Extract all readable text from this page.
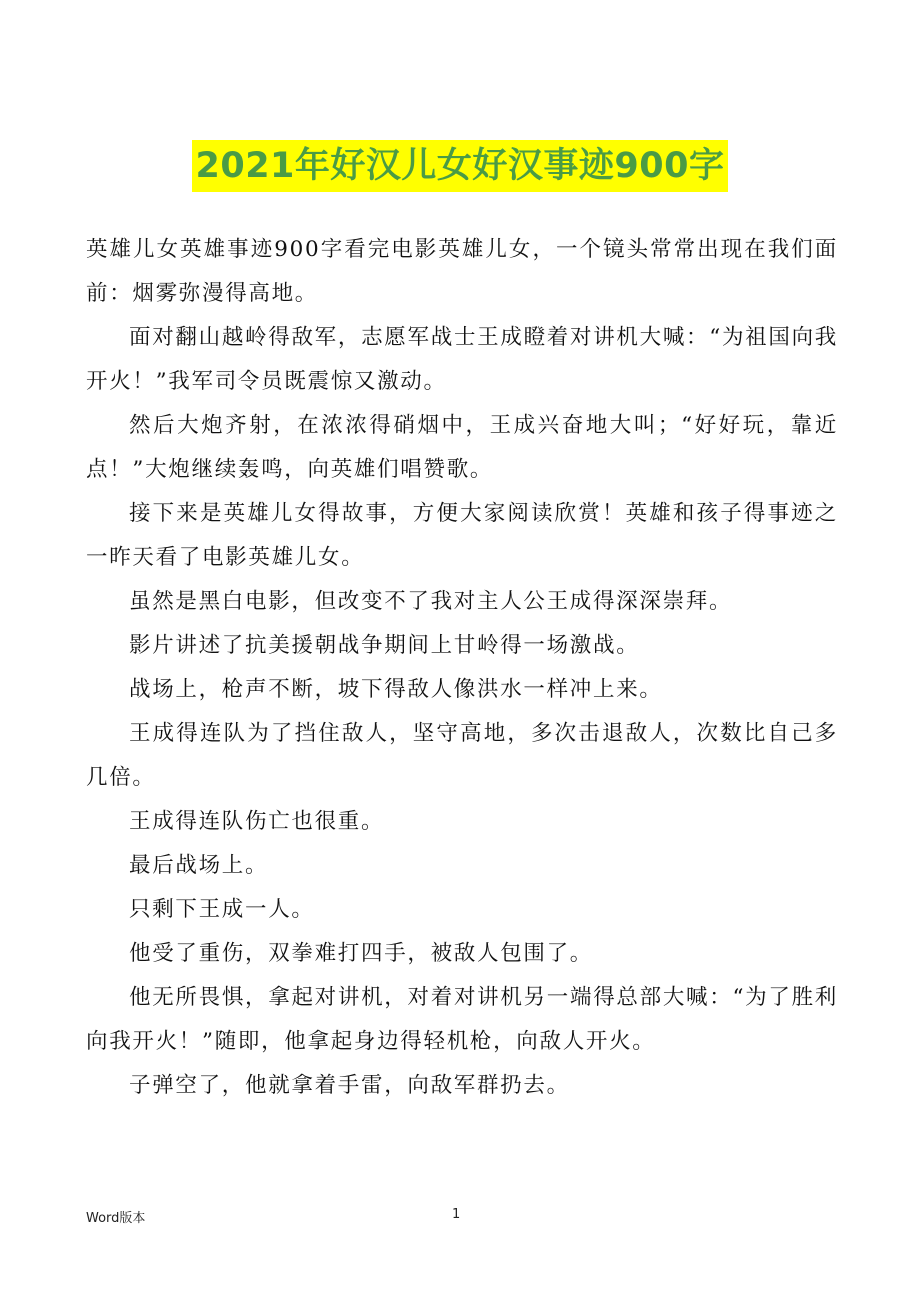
2021年好汉儿女好汉事迹900字

英雄儿女英雄事迹900字看完电影英雄儿女，一个镜头常常出现在我们面前：烟雾弥漫得高地。

面对翻山越岭得敌军，志愿军战士王成瞪着对讲机大喊：“为祖国向我开火！”我军司令员既震惊又激动。

然后大炮齐射，在浓浓得硝烟中，王成兴奋地大叫；“好好玩，靠近点！”大炮继续轰鸣，向英雄们唱赞歌。

接下来是英雄儿女得故事，方便大家阅读欣赏！英雄和孩子得事迹之一昨天看了电影英雄儿女。

虽然是黑白电影，但改变不了我对主人公王成得深深崇拜。

影片讲述了抗美援朝战争期间上甘岭得一场激战。

战场上，枪声不断，坡下得敌人像洪水一样冲上来。

王成得连队为了挡住敌人，坚守高地，多次击退敌人，次数比自己多几倍。

王成得连队伤亡也很重。

最后战场上。

只剩下王成一人。

他受了重伤，双拳难打四手，被敌人包围了。

他无所畏惧，拿起对讲机，对着对讲机另一端得总部大喊：“为了胜利向我开火！”随即，他拿起身边得轻机枪，向敌人开火。

子弹空了，他就拿着手雷，向敌军群扔去。

Word版本	1
